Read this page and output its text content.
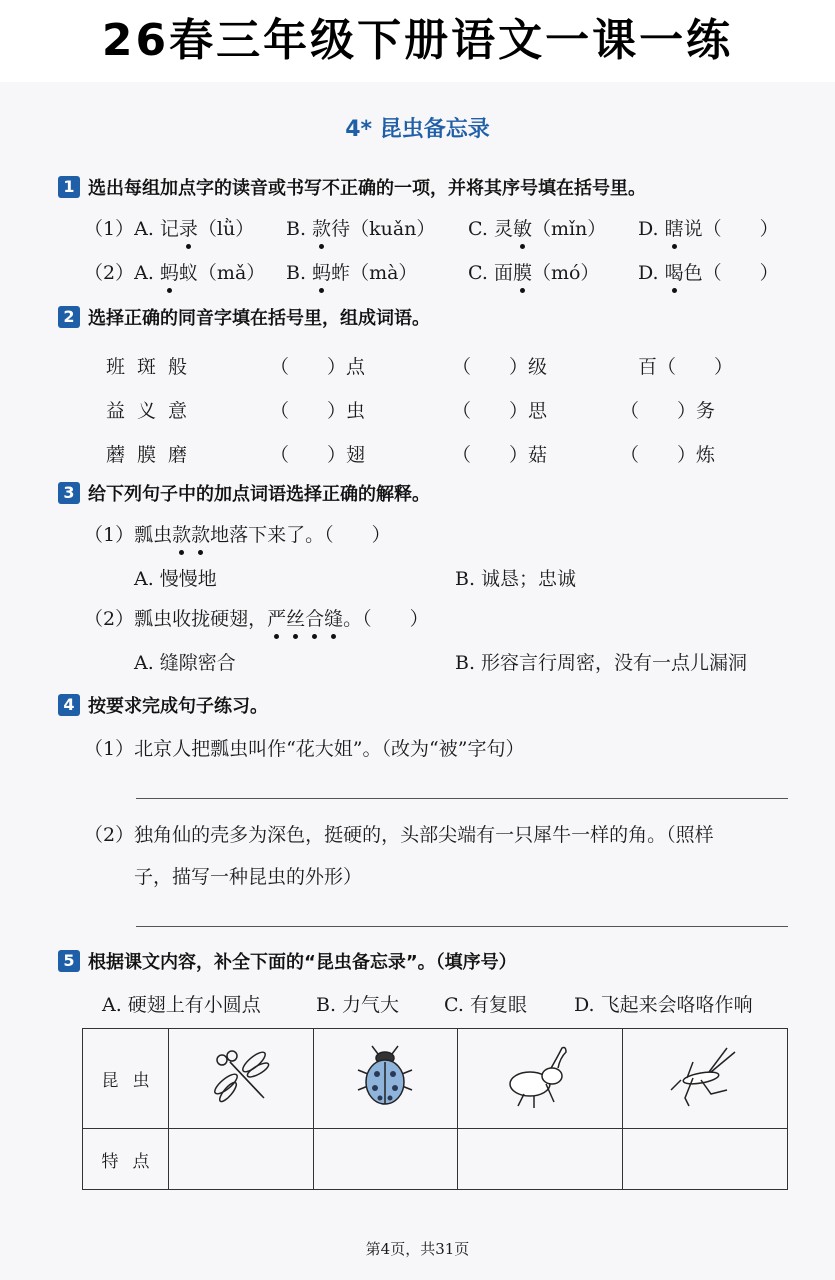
26春三年级下册语文一课一练
4* 昆虫备忘录
1 选出每组加点字的读音或书写不正确的一项，并将其序号填在括号里。
（1）A. 记录（lǜ） B. 款待（kuǎn） C. 灵敏（mǐn） D. 瞎说（　　）
（2）A. 蚂蚁（mǎ） B. 蚂蚱（mà）	C. 面膜（mó） D. 喝色（　　）
2 选择正确的同音字填在括号里，组成词语。
班斑般	（　　）点	（　　）级	百（　　）
益义意	（　　）虫	（　　）思	（　　）务
蘑膜磨	（　　）翅	（　　）菇	（　　）炼
3 给下列句子中的加点词语选择正确的解释。
（1）瓢虫款款地落下来了。（　　）
A. 慢慢地	B. 诚恳；忠诚
（2）瓢虫收拢硬翅，严丝合缝。（　　）
A. 缝隙密合	B. 形容言行周密，没有一点儿漏洞
4 按要求完成句子练习。
（1）北京人把瓢虫叫作“花大姐”。（改为“被”字句）
（2）独角仙的壳多为深色，挺硬的，头部尖端有一只犀牛一样的角。（照样
子，描写一种昆虫的外形）
5 根据课文内容，补全下面的“昆虫备忘录”。（填序号）
A. 硬翅上有小圆点	B. 力气大 C. 有复眼 D. 飞起来会咯咯作响
昆虫				
特点				
第4页，共31页
